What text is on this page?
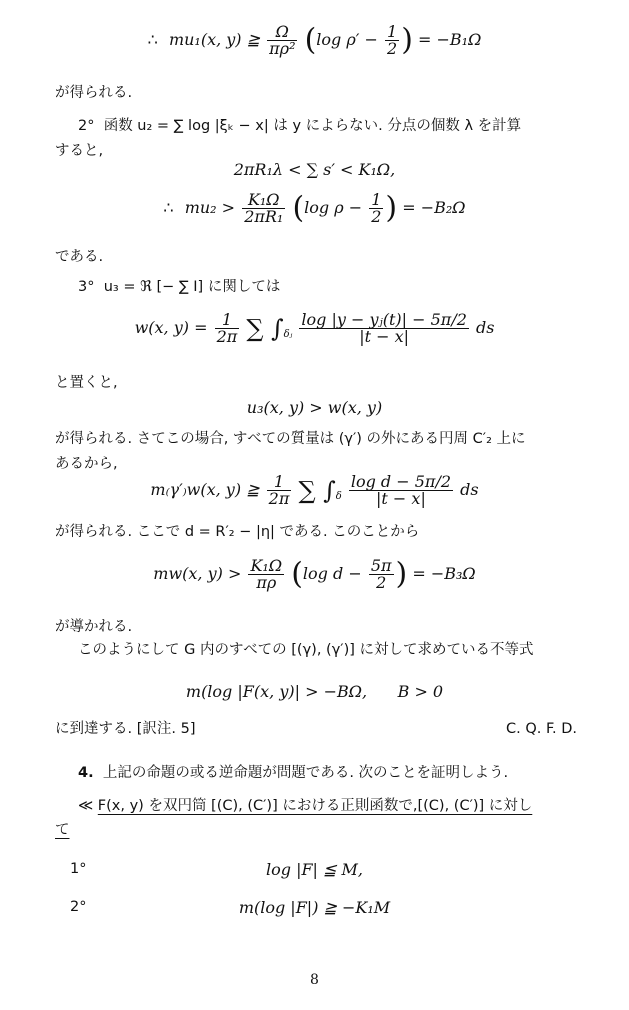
∴ mu₁(x, y) ≧ $\frac{\Omega}{\text{πρ²}} (\log$ $\rho' - \frac{1}{2}$ ) = −B₁Ω
が得られる.
2° 函数 u₂ = ∑ log |ξₖ − x| は y によらない. 分点の個数 λ を計算
すると,
2πR₁λ < ∑ s′ < K₁Ω,
∴ $mu_2 > \frac{\text{K₁Ω}}{\text{2πR₁}} (\log$ $\rho - \frac{1}{2}$ ) = −B₂Ω
である.
3° u₃ = ℜ [− ∑ I] に関しては
w(x, $y) = \frac{1}{2\pi}$ ∑ $\int_{\delta ⱼ} \frac{\text{log |y − yⱼ(t)| − 5π/2}}{|t - x|}$ ds
と置くと,
u₃(x, y) > w(x, y)
が得られる. さてこの場合, すべての質量は (γ′) の外にある円周 C′₂ 上に
あるから,
m₍γ′₎w(x, y) ≧ $\frac{1}{2\pi}$ ∑ $\int_\delta \frac{\text{log d − 5π/2}}{|t - x|}$ ds
が得られる. ここで d = R′₂ − |η| である. このことから
mw(x, $y) > \frac{\text{K₁Ω}}{\pi\rho} (\log$ $d - \frac{5\pi}{2}$ ) = −B₃Ω
が導かれる.
このようにして G 内のすべての [(γ), (γ′)] に対して求めている不等式
m(log |F(x, y)| > −BΩ, B > 0
に到達する. [訳注. 5]	C. Q. F. D.
4. 上記の命題の或る逆命題が問題である. 次のことを証明しよう.
≪ F(x, y) を双円筒 [(C), (C′)] における正則函数で,[(C), (C′)] に対し
て
1°	log |F| ≦ M,
2°	m(log |F|) ≧ −K₁M
8
